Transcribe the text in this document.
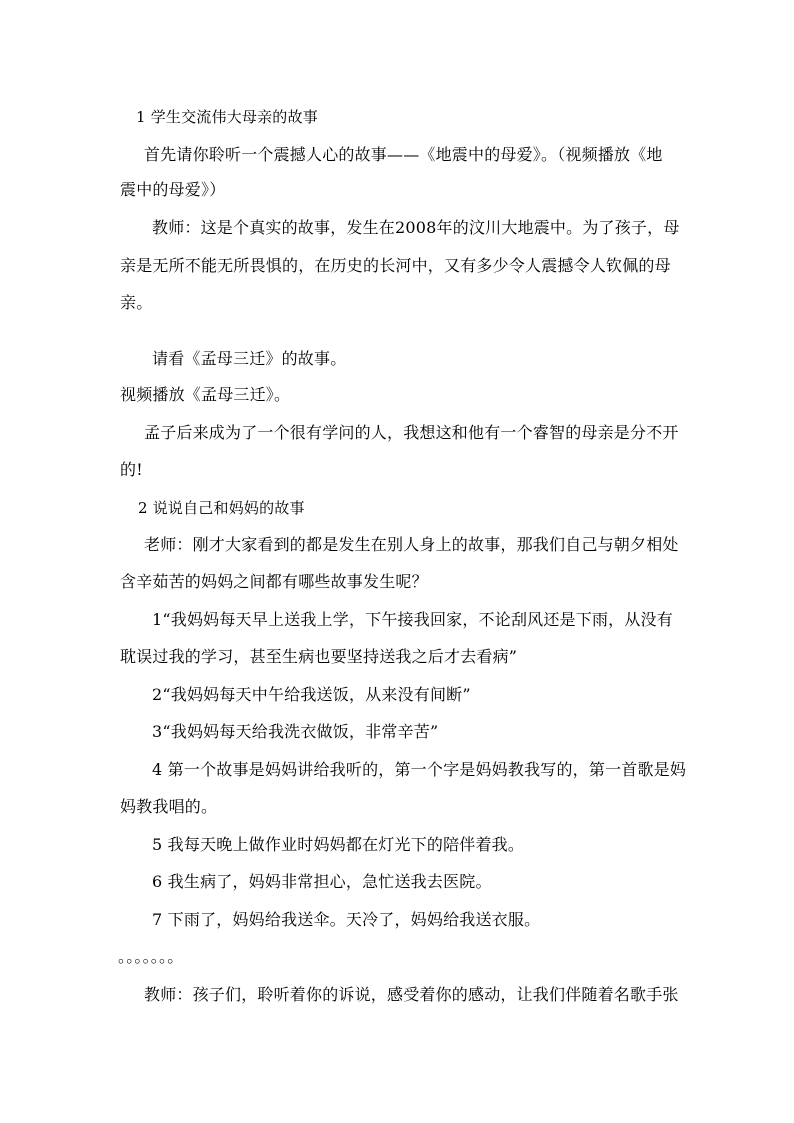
1 学生交流伟大母亲的故事
首先请你聆听一个震撼人心的故事——《地震中的母爱》。（视频播放《地
震中的母爱》）
教师：这是个真实的故事，发生在2008年的汶川大地震中。为了孩子，母
亲是无所不能无所畏惧的，在历史的长河中，又有多少令人震撼令人钦佩的母
亲。
请看《孟母三迁》的故事。
视频播放《孟母三迁》。
孟子后来成为了一个很有学问的人，我想这和他有一个睿智的母亲是分不开
的!
2 说说自己和妈妈的故事
老师：刚才大家看到的都是发生在别人身上的故事，那我们自己与朝夕相处
含辛茹苦的妈妈之间都有哪些故事发生呢？
1“我妈妈每天早上送我上学，下午接我回家，不论刮风还是下雨，从没有
耽误过我的学习，甚至生病也要坚持送我之后才去看病”
2“我妈妈每天中午给我送饭，从来没有间断”
3“我妈妈每天给我洗衣做饭，非常辛苦”
4 第一个故事是妈妈讲给我听的，第一个字是妈妈教我写的，第一首歌是妈
妈教我唱的。
5 我每天晚上做作业时妈妈都在灯光下的陪伴着我。
6 我生病了，妈妈非常担心，急忙送我去医院。
7 下雨了，妈妈给我送伞。天冷了，妈妈给我送衣服。
。。。。。。。
教师：孩子们，聆听着你的诉说，感受着你的感动，让我们伴随着名歌手张
